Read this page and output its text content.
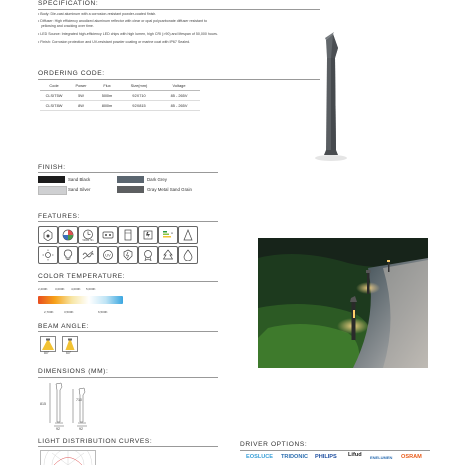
SPECIFICATION:
• Body: Die-cast aluminum with a corrosion-resistant powder-coated finish.
• Diffuser: High efficiency anodized aluminum reflector with clear or opal polycarbonate diffuser resistant to
yellowing and cracking over time.
• LED Source: Integrated high-efficiency LED chips with high lumen, high CRI (>90) and lifespan of 50,000 hours.
• Finish: Corrosion protection and UV-resistant powder coating or marine coat with IP67 Sealed.
ORDERING CODE:
Code	Power	Flux	Size(mm)	Voltage
CLSIT5W	5W	500lm	92X710	85 - 265V
CLSIT8W	8W	800lm	92X815	85 - 265V
FINISH:
Sand Black	Dark Grey
Sand Silver	Gray Metal Sand Grain
FEATURES:
50000 Hrs
A
UV
COLOR TEMPERATURE:
2,200K 3,000K 4,000K 5,000K
2,700K	3,500K	6,500K
BEAM ANGLE:
80°	60°
DIMENSIONS (MM):
815
92
710
92
LIGHT DISTRIBUTION CURVES:	DRIVER OPTIONS:
EOSLUCE TRIDONIC PHILIPS Lifud ENELUMEN OSRAM
